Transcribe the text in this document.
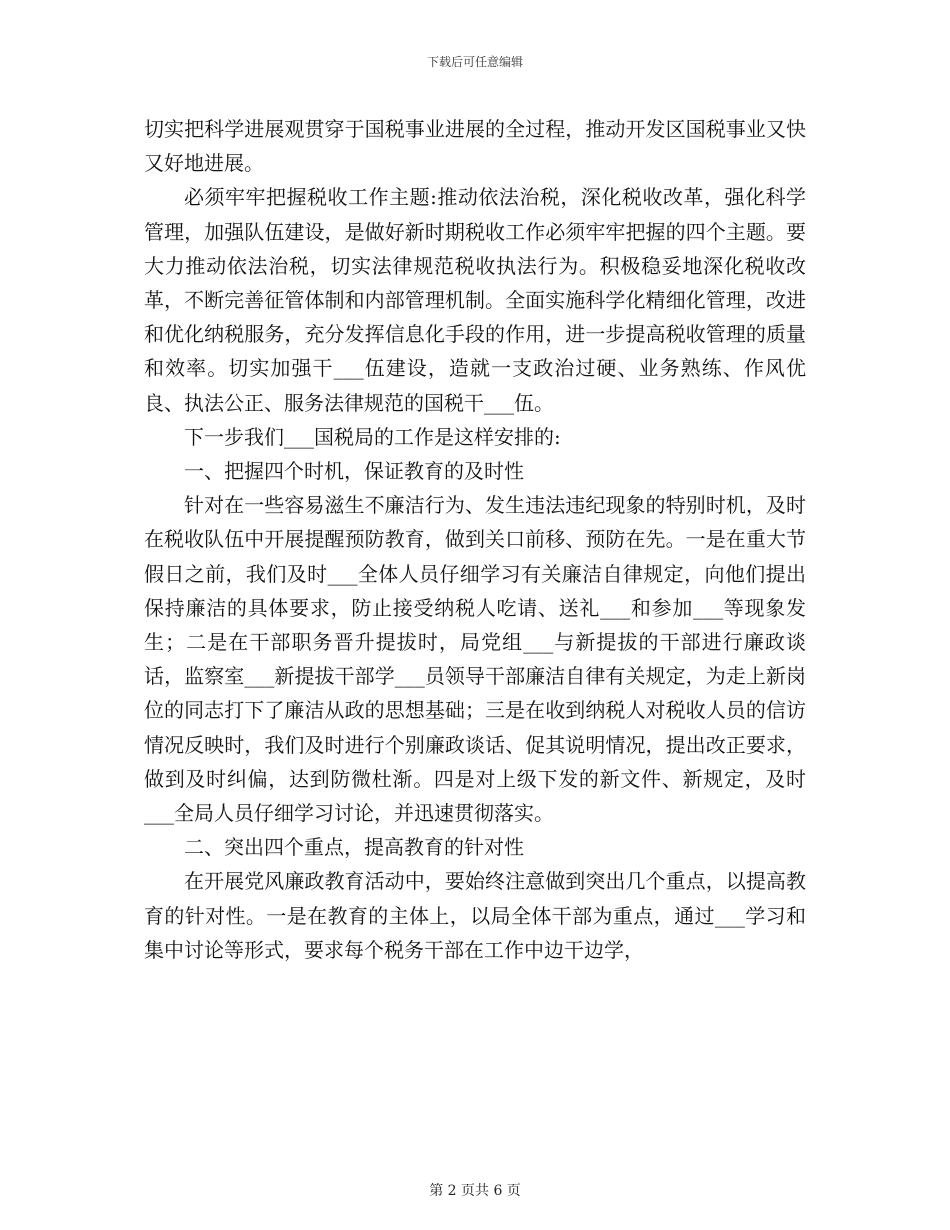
下载后可任意编辑

切实把科学进展观贯穿于国税事业进展的全过程，推动开发区国税事业又快又好地进展。

必须牢牢把握税收工作主题:推动依法治税，深化税收改革，强化科学管理，加强队伍建设，是做好新时期税收工作必须牢牢把握的四个主题。要大力推动依法治税，切实法律规范税收执法行为。积极稳妥地深化税收改革，不断完善征管体制和内部管理机制。全面实施科学化精细化管理，改进和优化纳税服务，充分发挥信息化手段的作用，进一步提高税收管理的质量和效率。切实加强干___伍建设，造就一支政治过硬、业务熟练、作风优良、执法公正、服务法律规范的国税干___伍。

下一步我们___国税局的工作是这样安排的:

一、把握四个时机，保证教育的及时性

针对在一些容易滋生不廉洁行为、发生违法违纪现象的特别时机，及时在税收队伍中开展提醒预防教育，做到关口前移、预防在先。一是在重大节假日之前，我们及时___全体人员仔细学习有关廉洁自律规定，向他们提出保持廉洁的具体要求，防止接受纳税人吃请、送礼___和参加___等现象发生；二是在干部职务晋升提拔时，局党组___与新提拔的干部进行廉政谈话，监察室___新提拔干部学___员领导干部廉洁自律有关规定，为走上新岗位的同志打下了廉洁从政的思想基础；三是在收到纳税人对税收人员的信访情况反映时，我们及时进行个别廉政谈话、促其说明情况，提出改正要求，做到及时纠偏，达到防微杜渐。四是对上级下发的新文件、新规定，及时___全局人员仔细学习讨论，并迅速贯彻落实。

二、突出四个重点，提高教育的针对性

在开展党风廉政教育活动中，要始终注意做到突出几个重点，以提高教育的针对性。一是在教育的主体上，以局全体干部为重点，通过___学习和集中讨论等形式，要求每个税务干部在工作中边干边学，

第 2 页共 6 页
